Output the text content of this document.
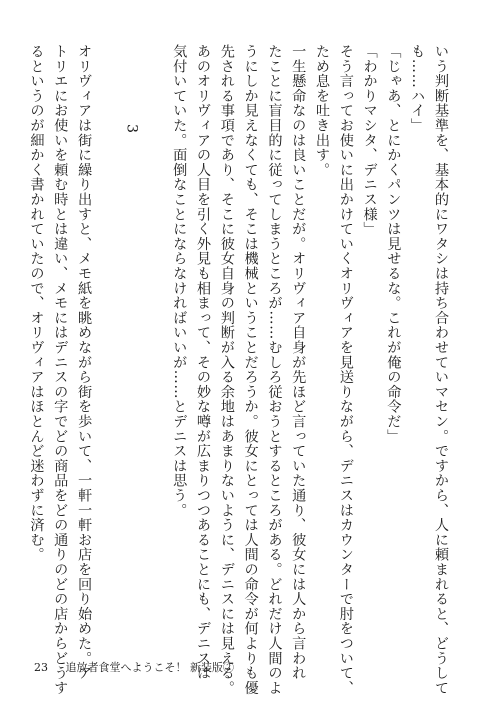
いう判断基準を、基本的にワタシは持ち合わせていマセン。ですから、人に頼まれると、どうして

も……ハイ」

「じゃあ、とにかくパンツは見せるな。これが俺の命令だ」

「わかりマシタ、デニス様」

そう言ってお使いに出かけていくオリヴィアを見送りながら、デニスはカウンターで肘をついて、

ため息を吐き出す。

一生懸命なのは良いことだが。オリヴィア自身が先ほど言っていた通り、彼女には人から言われ

たことに盲目的に従ってしまうところが……むしろ従おうとするところがある。どれだけ人間のよ

うにしか見えなくても、そこは機械ということだろうか。彼女にとっては人間の命令が何よりも優

先される事項であり、そこに彼女自身の判断が入る余地はあまりないように、デニスには見える。

あのオリヴィアの人目を引く外見も相まって、その妙な噂が広まりつつあることにも、デニスは

気付いていた。面倒なことにならなければいいが……とデニスは思う。

3

オリヴィアは街に繰り出すと、メモ紙を眺めながら街を歩いて、一軒一軒お店を回り始めた。ア

トリエにお使いを頼む時とは違い、メモにはデニスの字でどの商品をどの通りのどの店からどうす

るというのが細かく書かれていたので、オリヴィアはほとんど迷わずに済む。

23 追放者食堂へようこそ！ 新装版②
